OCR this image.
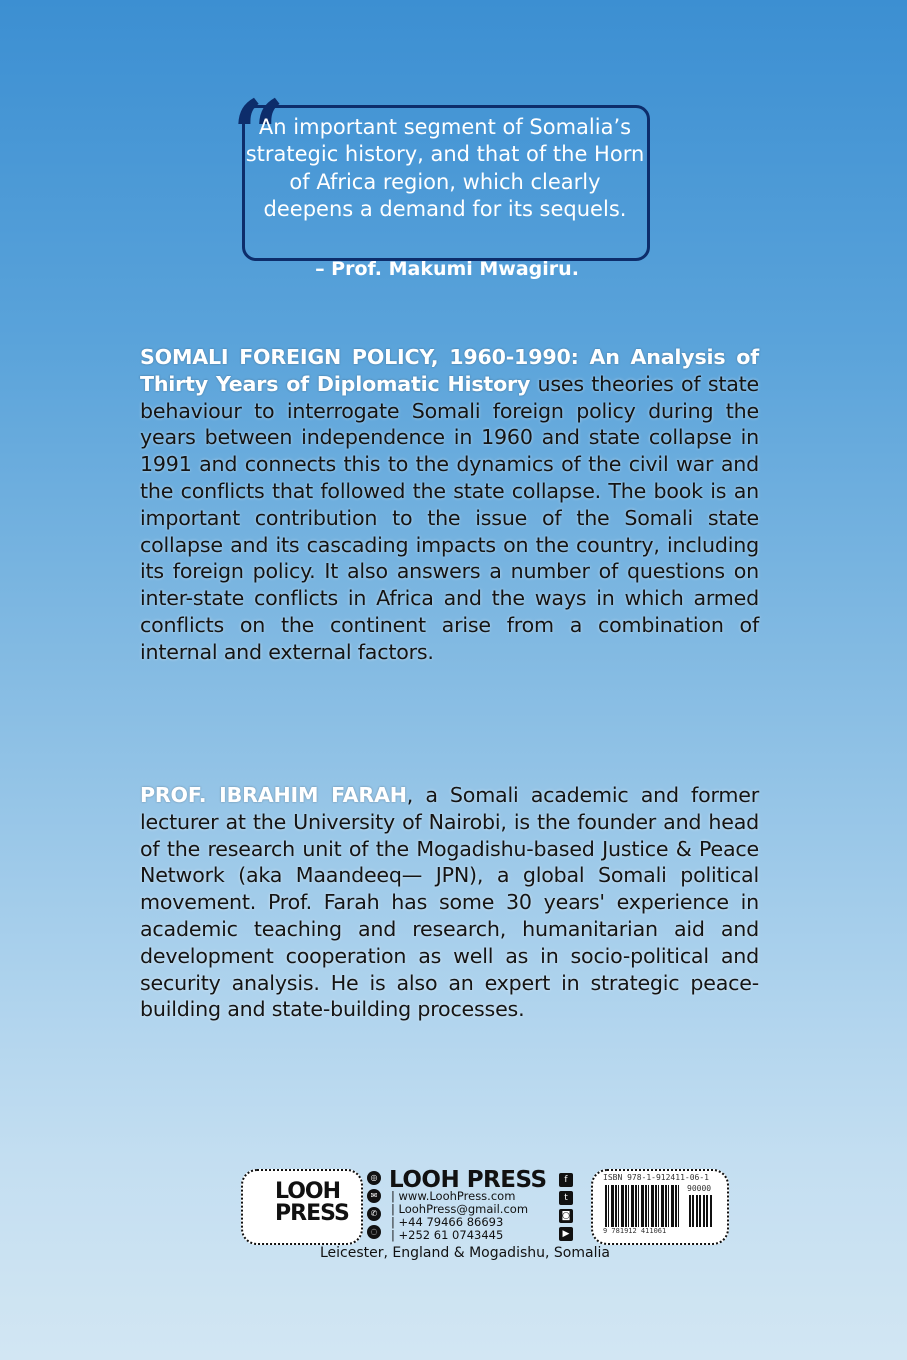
“
An important segment of Somalia’s strategic history, and that of the Horn of Africa region, which clearly deepens a demand for its sequels.
– Prof. Makumi Mwagiru.
SOMALI FOREIGN POLICY, 1960-1990: An Analysis of Thirty Years of Diplomatic History uses theories of state behaviour to interrogate Somali foreign policy during the years between independence in 1960 and state collapse in 1991 and connects this to the dynamics of the civil war and the conflicts that followed the state collapse. The book is an important contribution to the issue of the Somali state collapse and its cascading impacts on the country, including its foreign policy. It also answers a number of questions on inter-state conflicts in Africa and the ways in which armed conflicts on the continent arise from a combination of internal and external factors.
PROF. IBRAHIM FARAH, a Somali academic and former lecturer at the University of Nairobi, is the founder and head of the research unit of the Mogadishu-based Justice & Peace Network (aka Maandeeq— JPN), a global Somali political movement. Prof. Farah has some 30 years' experience in academic teaching and research, humanitarian aid and development cooperation as well as in socio-political and security analysis. He is also an expert in strategic peace-building and state-building processes.
LOOH
PRESS
LOOH PRESS
◎
✉
✆
◌
| www.LoohPress.com
| LoohPress@gmail.com
| +44 79466 86693
| +252 61 0743445
f
t
◙
▶
ISBN 978-1-912411-06-1
90000
9 781912 411061
Leicester, England & Mogadishu, Somalia
